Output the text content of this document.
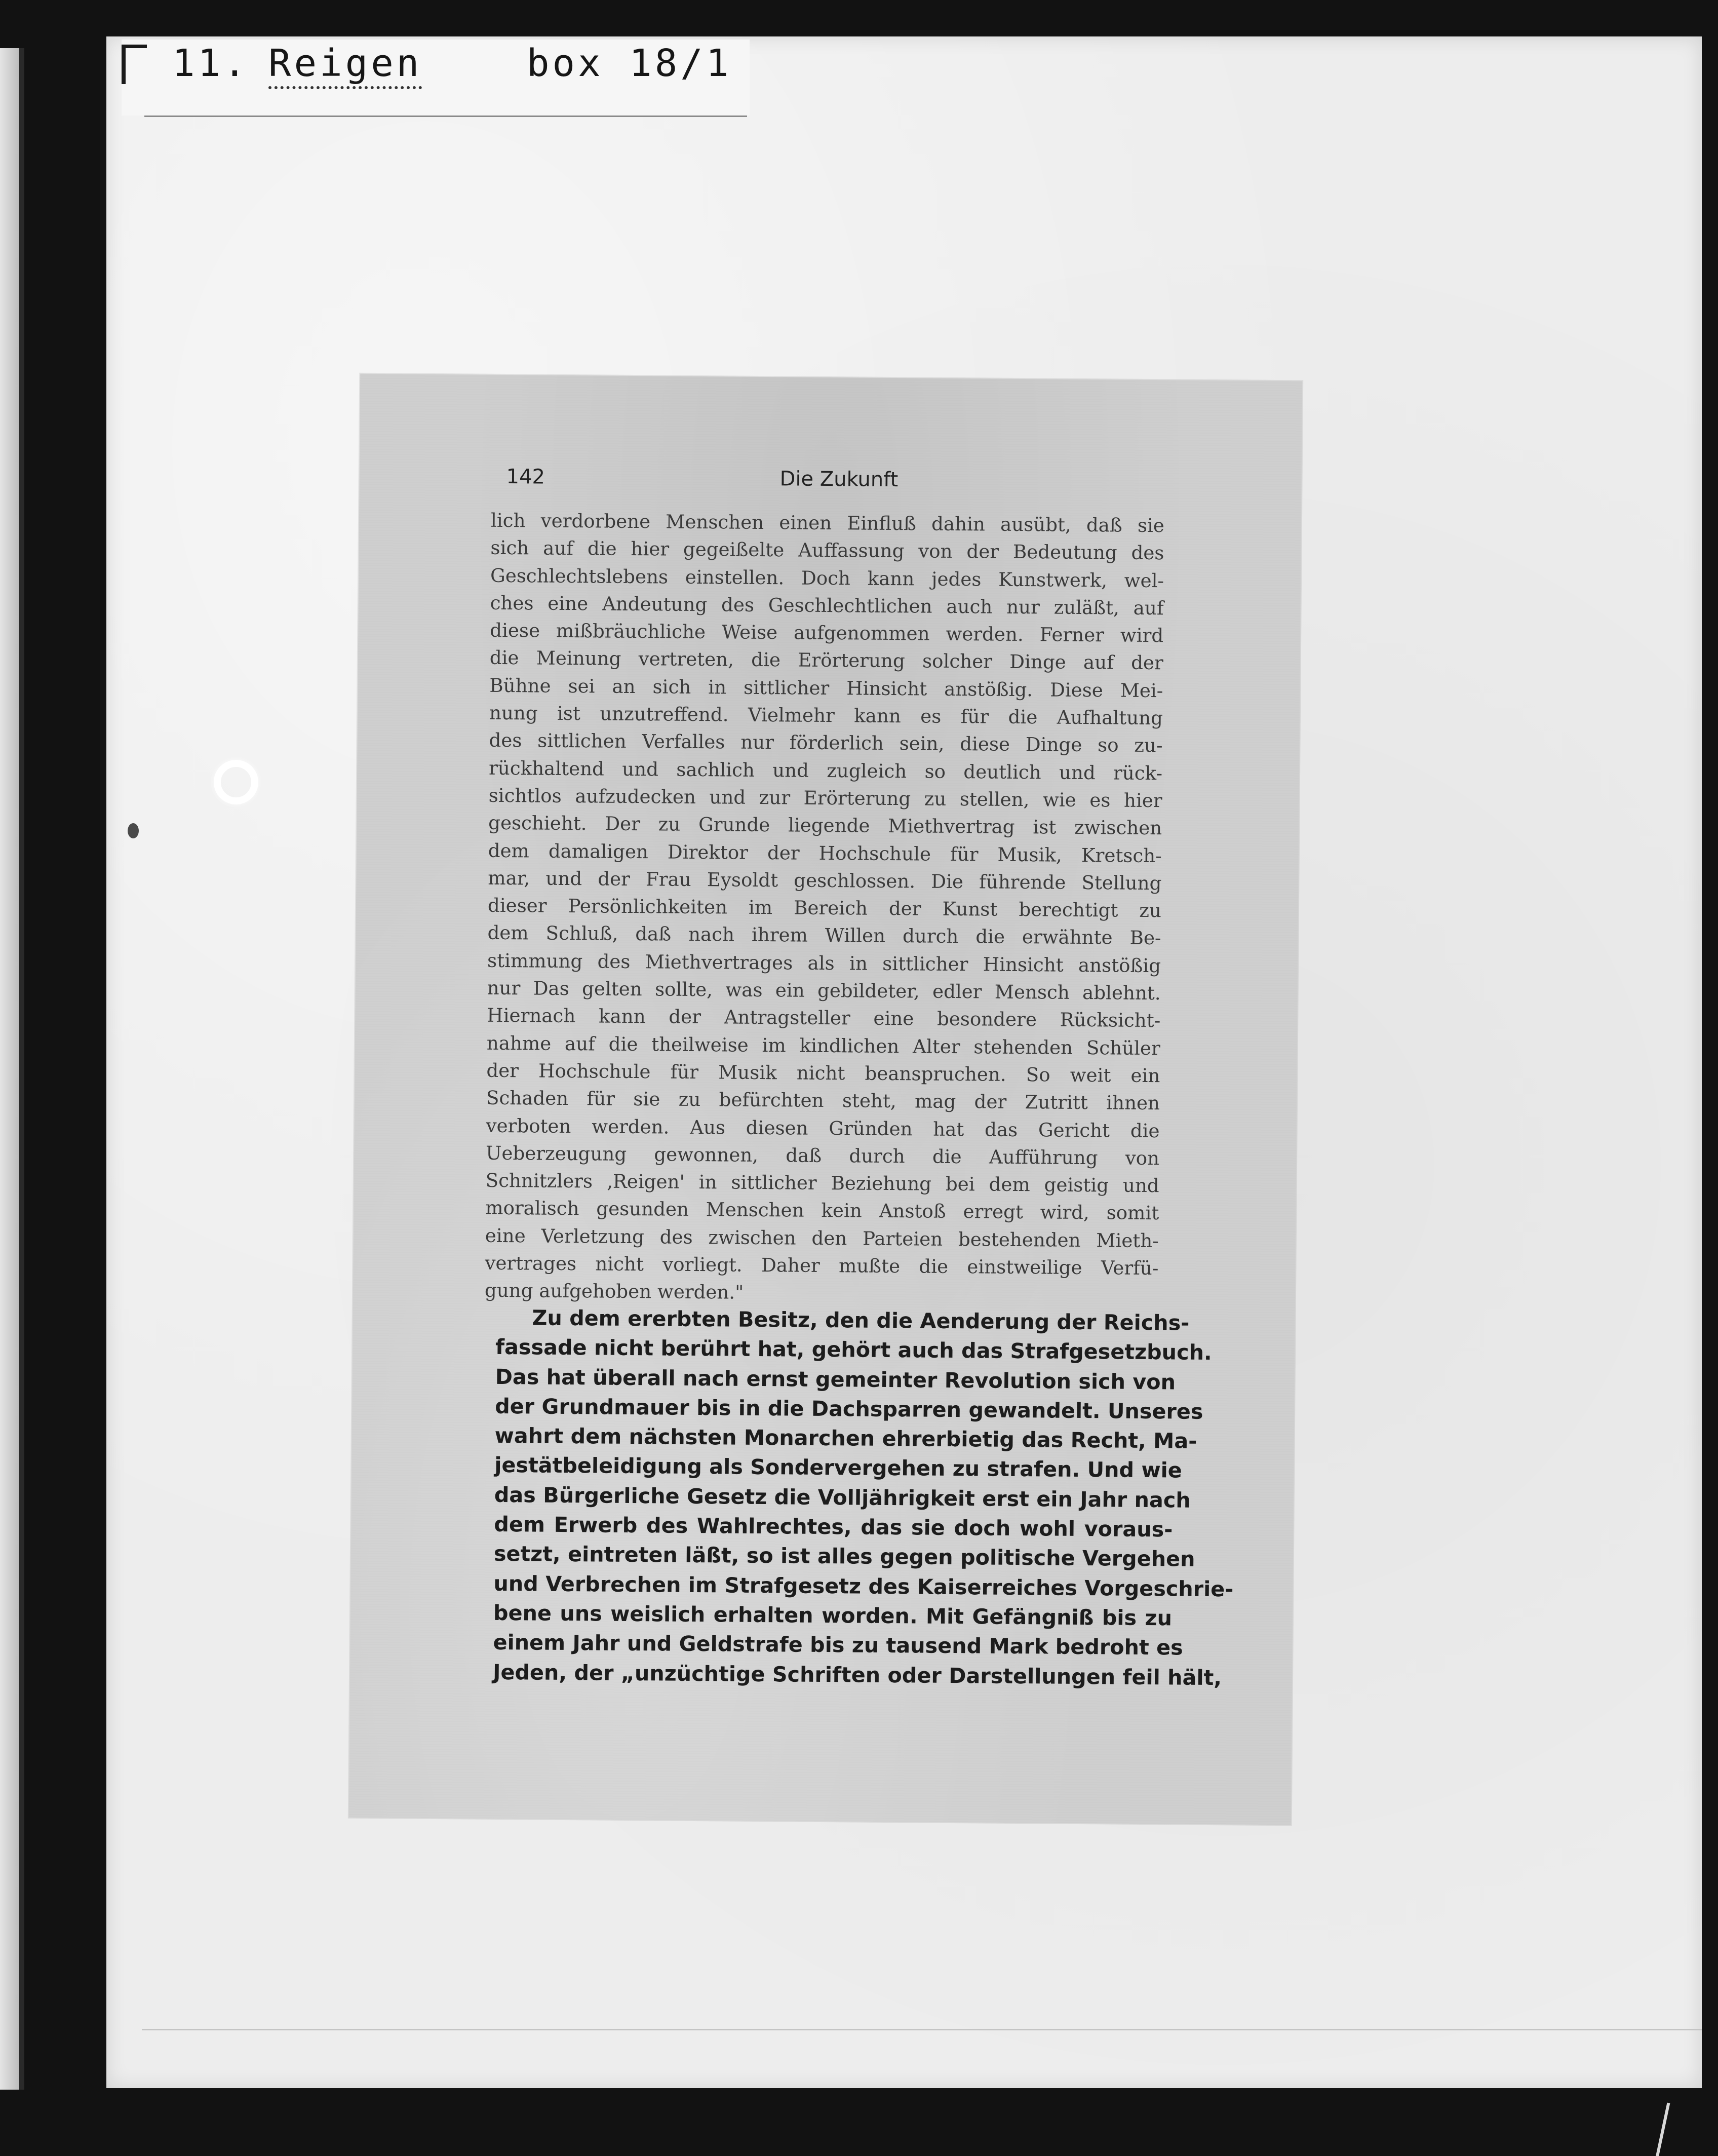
11. Reigen	box 18/1
142	Die Zukunft
lich verdorbene Menschen einen Einfluß dahin ausübt, daß sie
sich auf die hier gegeißelte Auffassung von der Bedeutung des
Geschlechtslebens einstellen. Doch kann jedes Kunstwerk, wel-
ches eine Andeutung des Geschlechtlichen auch nur zuläßt, auf
diese mißbräuchliche Weise aufgenommen werden. Ferner wird
die Meinung vertreten, die Erörterung solcher Dinge auf der
Bühne sei an sich in sittlicher Hinsicht anstößig. Diese Mei-
nung ist unzutreffend. Vielmehr kann es für die Aufhaltung
des sittlichen Verfalles nur förderlich sein, diese Dinge so zu-
rückhaltend und sachlich und zugleich so deutlich und rück-
sichtlos aufzudecken und zur Erörterung zu stellen, wie es hier
geschieht. Der zu Grunde liegende Miethvertrag ist zwischen
dem damaligen Direktor der Hochschule für Musik, Kretsch-
mar, und der Frau Eysoldt geschlossen. Die führende Stellung
dieser Persönlichkeiten im Bereich der Kunst berechtigt zu
dem Schluß, daß nach ihrem Willen durch die erwähnte Be-
stimmung des Miethvertrages als in sittlicher Hinsicht anstößig
nur Das gelten sollte, was ein gebildeter, edler Mensch ablehnt.
Hiernach kann der Antragsteller eine besondere Rücksicht-
nahme auf die theilweise im kindlichen Alter stehenden Schüler
der Hochschule für Musik nicht beanspruchen. So weit ein
Schaden für sie zu befürchten steht, mag der Zutritt ihnen
verboten werden. Aus diesen Gründen hat das Gericht die
Ueberzeugung gewonnen, daß durch die Aufführung von
Schnitzlers ‚Reigen' in sittlicher Beziehung bei dem geistig und
moralisch gesunden Menschen kein Anstoß erregt wird, somit
eine Verletzung des zwischen den Parteien bestehenden Mieth-
vertrages nicht vorliegt. Daher mußte die einstweilige Verfü-
gung aufgehoben werden."
Zu dem ererbten Besitz, den die Aenderung der Reichs-
fassade nicht berührt hat, gehört auch das Strafgesetzbuch.
Das hat überall nach ernst gemeinter Revolution sich von
der Grundmauer bis in die Dachsparren gewandelt. Unseres
wahrt dem nächsten Monarchen ehrerbietig das Recht, Ma-
jestätbeleidigung als Sondervergehen zu strafen. Und wie
das Bürgerliche Gesetz die Volljährigkeit erst ein Jahr nach
dem Erwerb des Wahlrechtes, das sie doch wohl voraus-
setzt, eintreten läßt, so ist alles gegen politische Vergehen
und Verbrechen im Strafgesetz des Kaiserreiches Vorgeschrie-
bene uns weislich erhalten worden. Mit Gefängniß bis zu
einem Jahr und Geldstrafe bis zu tausend Mark bedroht es
Jeden, der „unzüchtige Schriften oder Darstellungen feil hält,
